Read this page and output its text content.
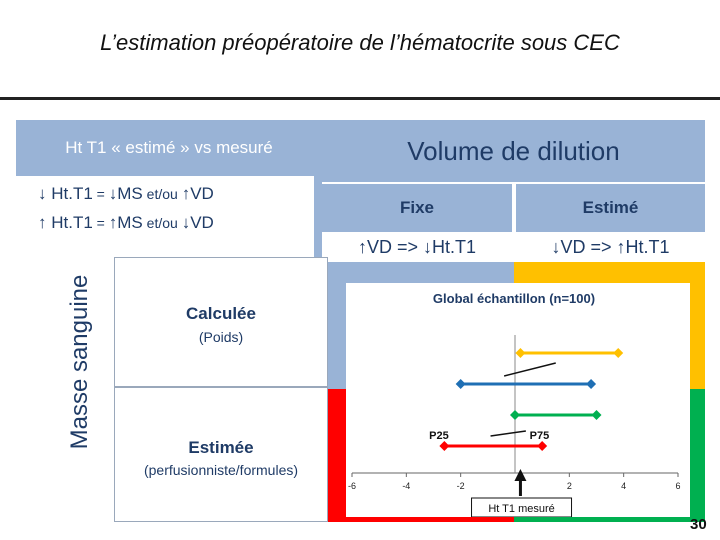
L’estimation préopératoire de l’hématocrite sous CEC
Ht T1 « estimé » vs mesuré
↓ Ht.T1 = ↓MS et/ou ↑VD
↑ Ht.T1 = ↑MS et/ou ↓VD
Volume de dilution
Fixe	Estimé
↑VD => ↓Ht.T1	↓VD => ↑Ht.T1
Masse sanguine	Calculée
(Poids)
Estimée
(perfusionniste/formules)
Global échantillon (n=100)
-6	-4	-2	2	4	6
P25	P75
Ht T1 mesuré
30
